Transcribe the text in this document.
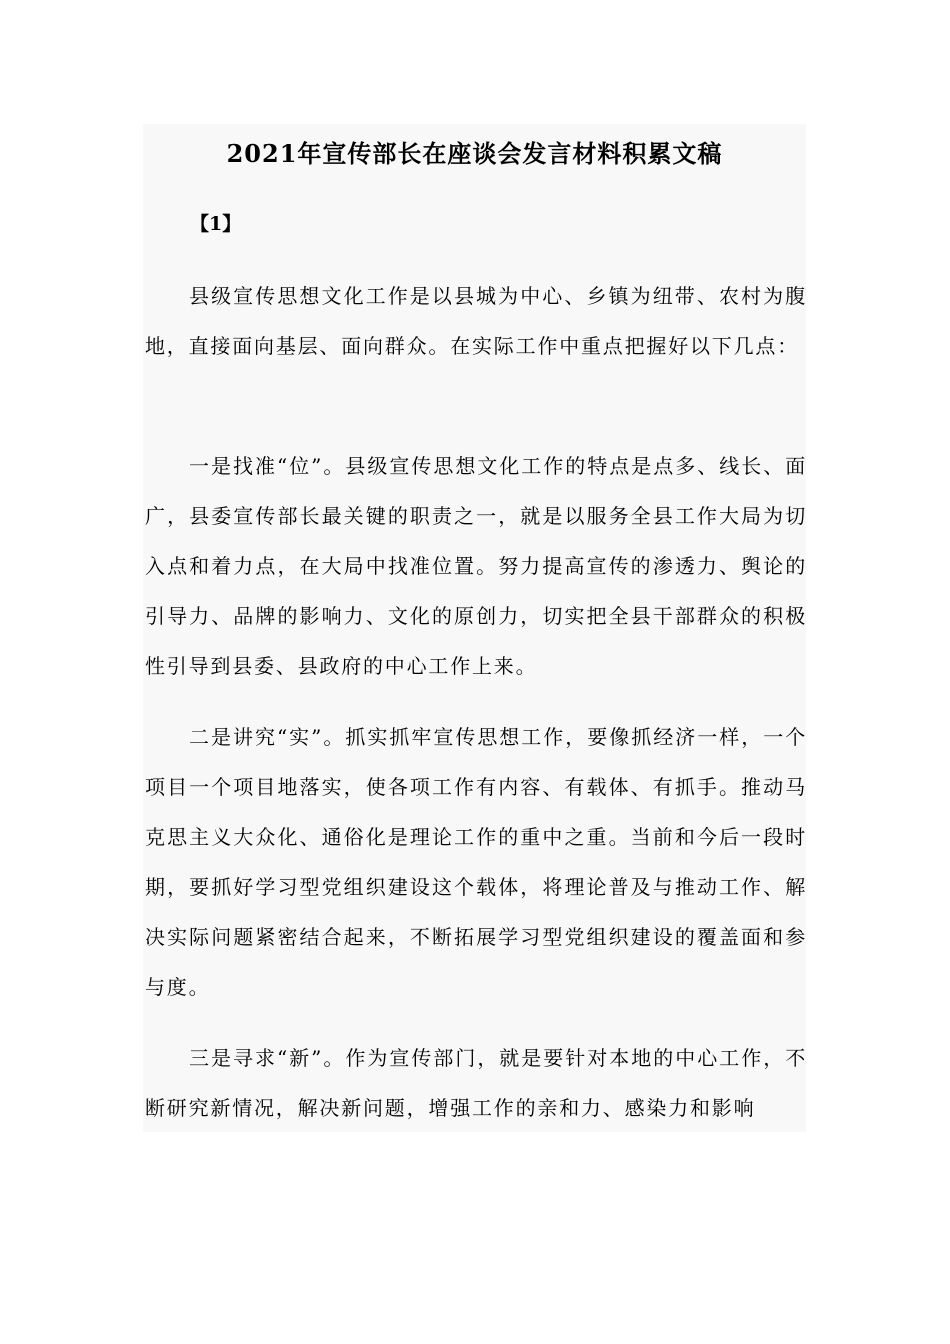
2021年宣传部长在座谈会发言材料积累文稿
【1】

县级宣传思想文化工作是以县城为中心、乡镇为纽带、农村为腹地，直接面向基层、面向群众。在实际工作中重点把握好以下几点：

一是找准“位”。县级宣传思想文化工作的特点是点多、线长、面广，县委宣传部长最关键的职责之一，就是以服务全县工作大局为切入点和着力点，在大局中找准位置。努力提高宣传的渗透力、舆论的引导力、品牌的影响力、文化的原创力，切实把全县干部群众的积极性引导到县委、县政府的中心工作上来。

二是讲究“实”。抓实抓牢宣传思想工作，要像抓经济一样，一个项目一个项目地落实，使各项工作有内容、有载体、有抓手。推动马克思主义大众化、通俗化是理论工作的重中之重。当前和今后一段时期，要抓好学习型党组织建设这个载体，将理论普及与推动工作、解决实际问题紧密结合起来，不断拓展学习型党组织建设的覆盖面和参与度。

三是寻求“新”。作为宣传部门，就是要针对本地的中心工作，不断研究新情况，解决新问题，增强工作的亲和力、感染力和影响
